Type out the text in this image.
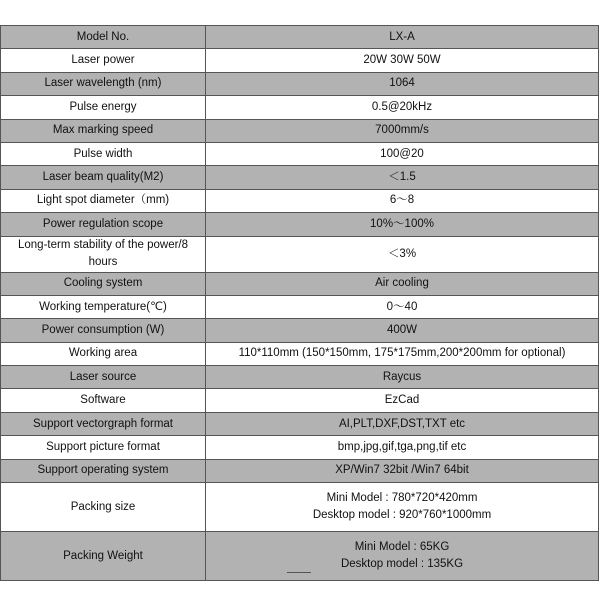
Model No.	LX-A

Laser power	20W 30W 50W

Laser wavelength (nm)	1064

Pulse energy	0.5@20kHz

Max marking speed	7000mm/s

Pulse width	100@20

Laser beam quality(M2)	＜1.5

Light spot diameter（mm)	6～8

Power regulation scope	10%～100%

Long-term stability of the power/8 hours	＜3%

Cooling system	Air cooling

Working temperature(℃)	0～40

Power consumption (W)	400W

Working area	110*110mm (150*150mm, 175*175mm,200*200mm for optional)

Laser source	Raycus

Software	EzCad

Support vectorgraph format	AI,PLT,DXF,DST,TXT etc

Support picture format	bmp,jpg,gif,tga,png,tif etc

Support operating system	XP/Win7 32bit /Win7 64bit

Packing size	Mini Model : 780*720*420mm
Desktop model : 920*760*1000mm

Packing Weight	Mini Model : 65KG
Desktop model : 135KG
